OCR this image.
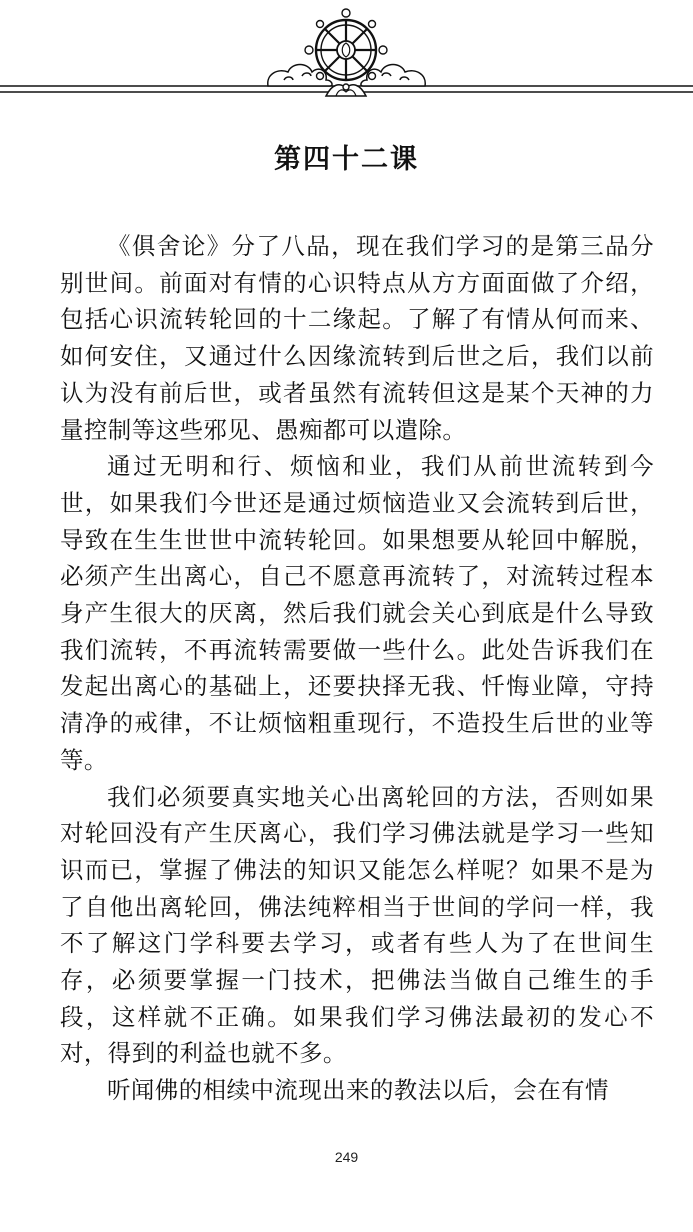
第四十二课

《俱舍论》分了八品，现在我们学习的是第三品分别世间。前面对有情的心识特点从方方面面做了介绍，包括心识流转轮回的十二缘起。了解了有情从何而来、如何安住，又通过什么因缘流转到后世之后，我们以前认为没有前后世，或者虽然有流转但这是某个天神的力量控制等这些邪见、愚痴都可以遣除。

通过无明和行、烦恼和业，我们从前世流转到今世，如果我们今世还是通过烦恼造业又会流转到后世，导致在生生世世中流转轮回。如果想要从轮回中解脱，必须产生出离心，自己不愿意再流转了，对流转过程本身产生很大的厌离，然后我们就会关心到底是什么导致我们流转，不再流转需要做一些什么。此处告诉我们在发起出离心的基础上，还要抉择无我、忏悔业障，守持清净的戒律，不让烦恼粗重现行，不造投生后世的业等等。

我们必须要真实地关心出离轮回的方法，否则如果对轮回没有产生厌离心，我们学习佛法就是学习一些知识而已，掌握了佛法的知识又能怎么样呢？如果不是为了自他出离轮回，佛法纯粹相当于世间的学问一样，我不了解这门学科要去学习，或者有些人为了在世间生存，必须要掌握一门技术，把佛法当做自己维生的手段，这样就不正确。如果我们学习佛法最初的发心不对，得到的利益也就不多。

听闻佛的相续中流现出来的教法以后，会在有情

249
